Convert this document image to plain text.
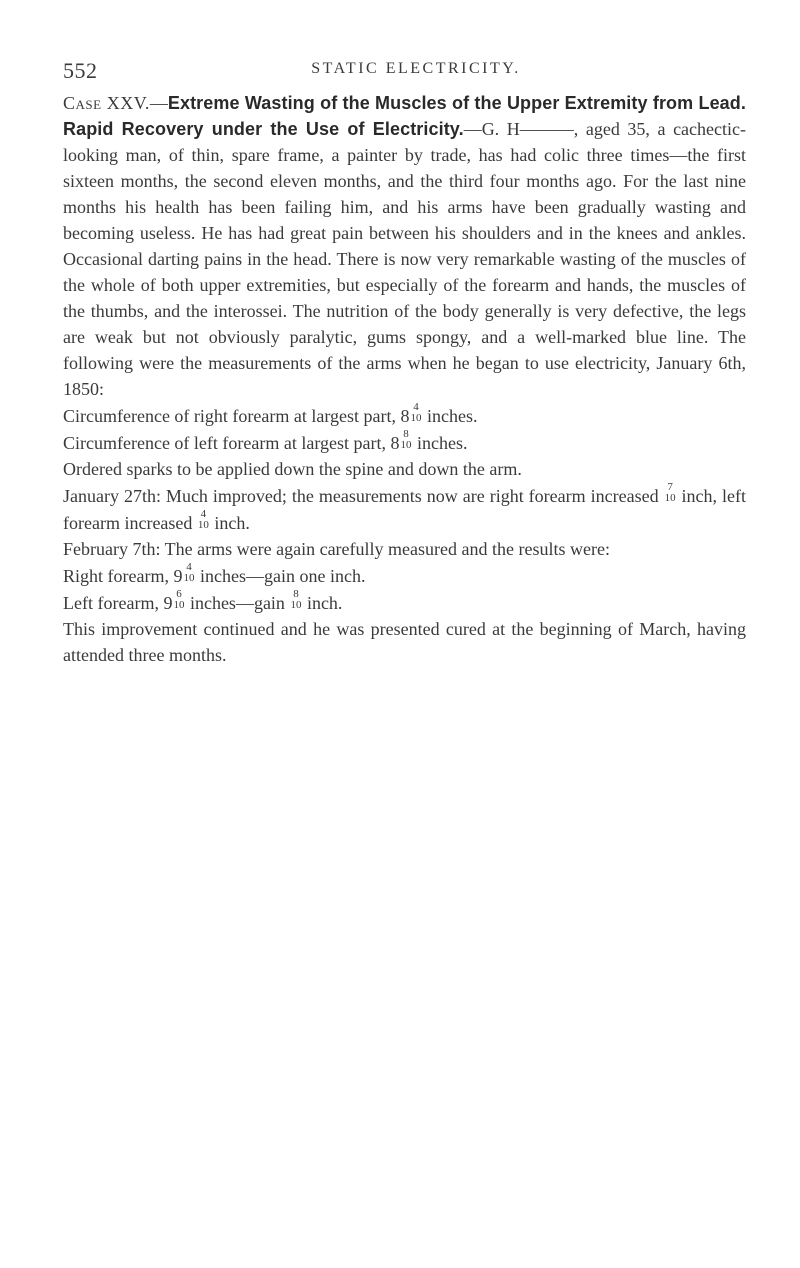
552	STATIC ELECTRICITY.

Case XXV.—Extreme Wasting of the Muscles of the Upper Extremity from Lead. Rapid Recovery under the Use of Electricity.—G. H———, aged 35, a cachectic-looking man, of thin, spare frame, a painter by trade, has had colic three times—the first sixteen months, the second eleven months, and the third four months ago. For the last nine months his health has been failing him, and his arms have been gradually wasting and becoming useless. He has had great pain between his shoulders and in the knees and ankles. Occasional darting pains in the head. There is now very remarkable wasting of the muscles of the whole of both upper extremities, but especially of the forearm and hands, the muscles of the thumbs, and the interossei. The nutrition of the body generally is very defective, the legs are weak but not obviously paralytic, gums spongy, and a well-marked blue line. The following were the measurements of the arms when he began to use electricity, January 6th, 1850:

Circumference of right forearm at largest part, 8 4
10 inches.

Circumference of left forearm at largest part, 8 8
10 inches.

Ordered sparks to be applied down the spine and down the arm.

January 27th: Much improved; the measurements now are right forearm increased 7
10 inch, left forearm increased 4
10 inch.

February 7th: The arms were again carefully measured and the results were:

Right forearm, 9 4
10 inches—gain one inch.

Left forearm, 9 6
10 inches—gain 8
10 inch.

This improvement continued and he was presented cured at the beginning of March, having attended three months.
